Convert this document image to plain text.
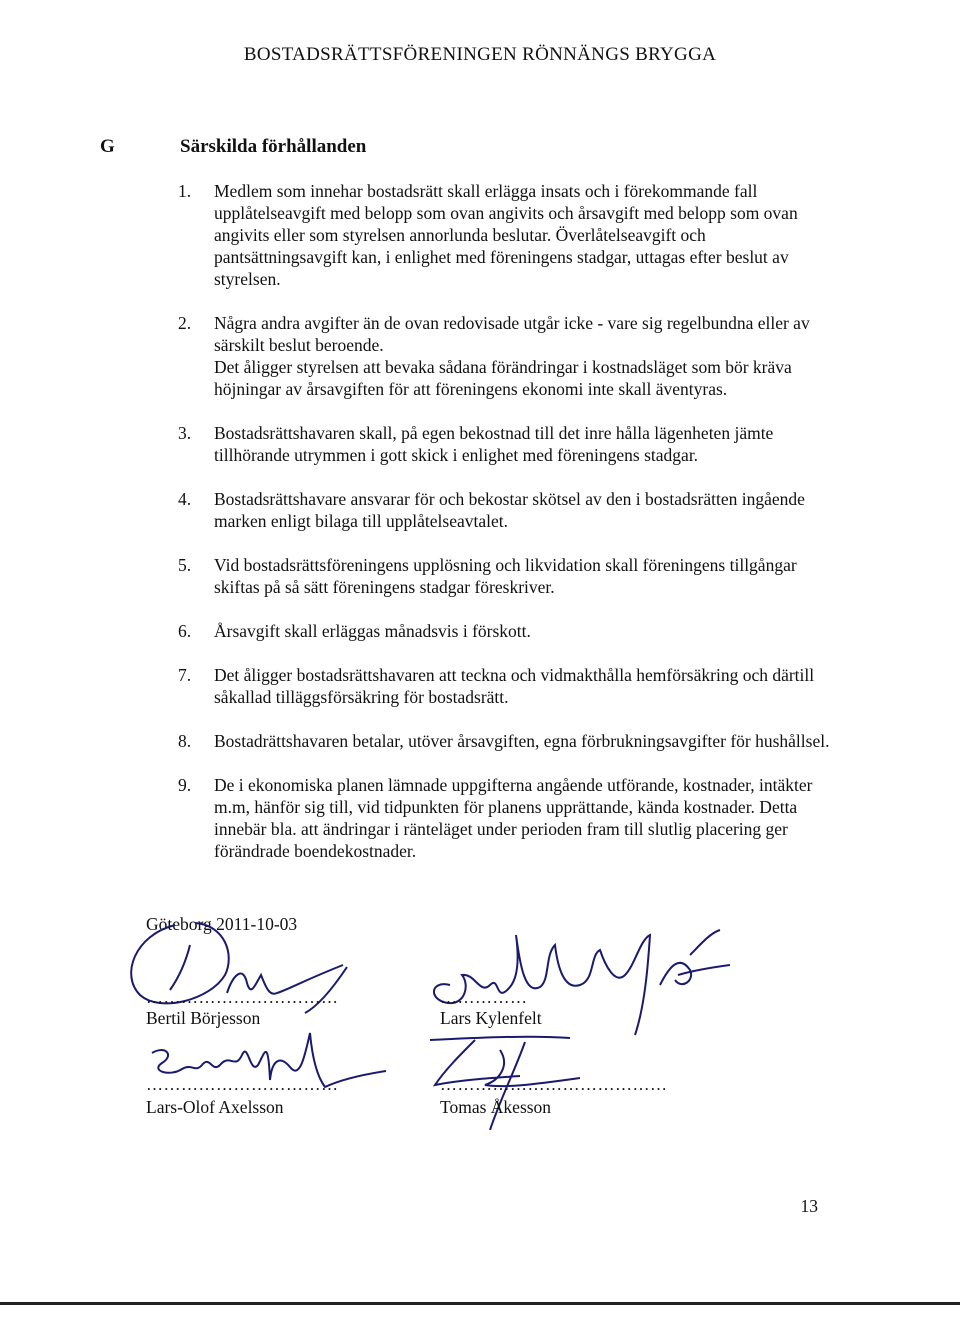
BOSTADSRÄTTSFÖRENINGEN RÖNNÄNGS BRYGGA
G	Särskilda förhållanden
1. Medlem som innehar bostadsrätt skall erlägga insats och i förekommande fall upplåtelseavgift med belopp som ovan angivits och årsavgift med belopp som ovan angivits eller som styrelsen annorlunda beslutar. Överlåtelseavgift och pantsättningsavgift kan, i enlighet med föreningens stadgar, uttagas efter beslut av styrelsen.

2. Några andra avgifter än de ovan redovisade utgår icke - vare sig regelbundna eller av särskilt beslut beroende.

Det åligger styrelsen att bevaka sådana förändringar i kostnadsläget som bör kräva höjningar av årsavgiften för att föreningens ekonomi inte skall äventyras.

3. Bostadsrättshavaren skall, på egen bekostnad till det inre hålla lägenheten jämte tillhörande utrymmen i gott skick i enlighet med föreningens stadgar.

4. Bostadsrättshavare ansvarar för och bekostar skötsel av den i bostadsrätten ingående marken enligt bilaga till upplåtelseavtalet.

5. Vid bostadsrättsföreningens upplösning och likvidation skall föreningens tillgångar skiftas på så sätt föreningens stadgar föreskriver.

6. Årsavgift skall erläggas månadsvis i förskott.

7. Det åligger bostadsrättshavaren att teckna och vidmakthålla hemförsäkring och därtill såkallad tilläggsförsäkring för bostadsrätt.

8. Bostadrättshavaren betalar, utöver årsavgiften, egna förbrukningsavgifter för hushållsel.

9. De i ekonomiska planen lämnade uppgifterna angående utförande, kostnader, intäkter m.m, hänför sig till, vid tidpunkten för planens upprättande, kända kostnader. Detta innebär bla. att ändringar i ränteläget under perioden fram till slutlig placering ger förändrade boendekostnader.

Göteborg 2011-10-03
……………………………
Bertil Börjesson
……………………………
Lars-Olof Axelsson
……………
Lars Kylenfelt
…………………………………
Tomas Åkesson
13
